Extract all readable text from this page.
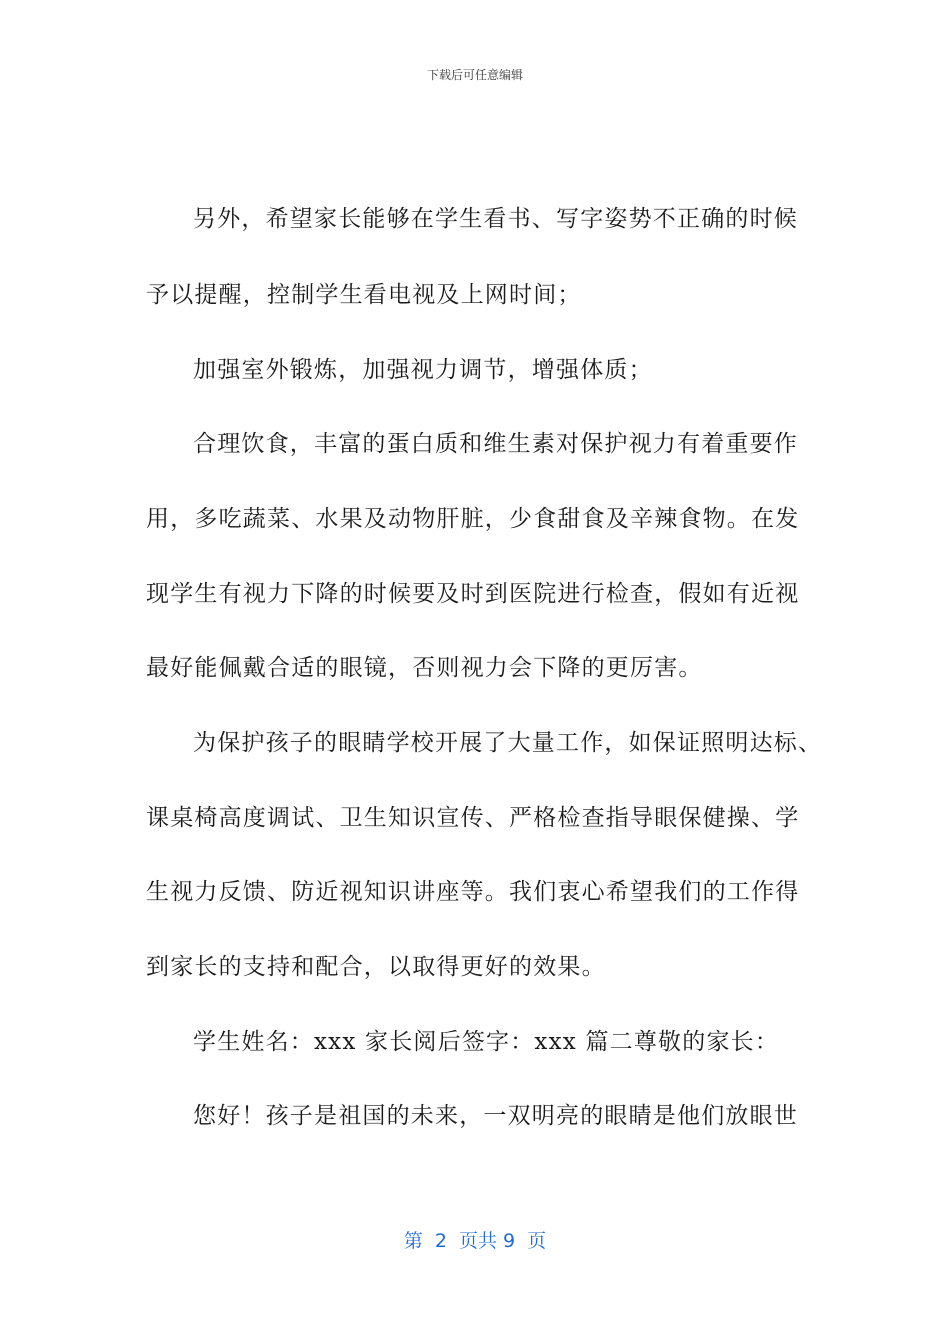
下载后可任意编辑
另外，希望家长能够在学生看书、写字姿势不正确的时候
予以提醒，控制学生看电视及上网时间；
加强室外锻炼，加强视力调节，增强体质；
合理饮食，丰富的蛋白质和维生素对保护视力有着重要作
用，多吃蔬菜、水果及动物肝脏，少食甜食及辛辣食物。在发
现学生有视力下降的时候要及时到医院进行检查，假如有近视
最好能佩戴合适的眼镜，否则视力会下降的更厉害。
为保护孩子的眼睛学校开展了大量工作，如保证照明达标、
课桌椅高度调试、卫生知识宣传、严格检查指导眼保健操、学
生视力反馈、防近视知识讲座等。我们衷心希望我们的工作得
到家长的支持和配合，以取得更好的效果。
学生姓名：xxx 家长阅后签字：xxx 篇二尊敬的家长：
您好！孩子是祖国的未来，一双明亮的眼睛是他们放眼世
第  2  页共 9  页
